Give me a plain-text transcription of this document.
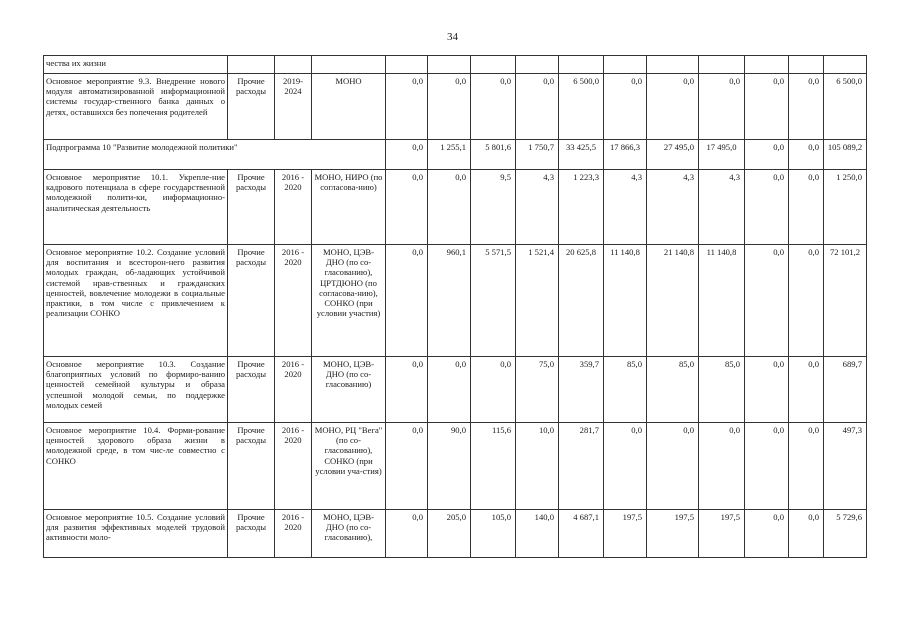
34
чества их жизни														
Основное мероприятие 9.3. Внедрение нового модуля автоматизированной информационной системы государ-ственного банка данных о детях, оставшихся без попечения родителей	Прочие расходы	2019-2024	МОНО	0,0	0,0	0,0	0,0	6 500,0	0,0	0,0	0,0	0,0	0,0	6 500,0
Подпрограмма 10 "Развитие молодежной политики"				0,0	1 255,1	5 801,6	1 750,7	33 425,5	17 866,3	27 495,0	17 495,0	0,0	0,0	105 089,2
Основное мероприятие 10.1. Укрепле-ние кадрового потенциала в сфере государственной молодежной полити-ки, информационно-аналитическая деятельность	Прочие расходы	2016 - 2020	МОНО, НИРО (по согласова-нию)	0,0	0,0	9,5	4,3	1 223,3	4,3	4,3	4,3	0,0	0,0	1 250,0
Основное мероприятие 10.2. Создание условий для воспитания и всесторон-него развития молодых граждан, об-ладающих устойчивой системой нрав-ственных и гражданских ценностей, вовлечение молодежи в социальные практики, в том числе с привлечением к реализации СОНКО	Прочие расходы	2016 - 2020	МОНО, ЦЭВ-ДНО (по со-гласованию), ЦРТДЮНО (по согласова-нию), СОНКО (при условии участия)	0,0	960,1	5 571,5	1 521,4	20 625,8	11 140,8	21 140,8	11 140,8	0,0	0,0	72 101,2
Основное мероприятие 10.3. Создание благоприятных условий по формиро-ванию ценностей семейной культуры и образа успешной молодой семьи, по поддержке молодых семей	Прочие расходы	2016 - 2020	МОНО, ЦЭВ-ДНО (по со-гласованию)	0,0	0,0	0,0	75,0	359,7	85,0	85,0	85,0	0,0	0,0	689,7
Основное мероприятие 10.4. Форми-рование ценностей здорового образа жизни в молодежной среде, в том чис-ле совместно с СОНКО	Прочие расходы	2016 - 2020	МОНО, РЦ "Вега" (по со-гласованию), СОНКО (при условии уча-стия)	0,0	90,0	115,6	10,0	281,7	0,0	0,0	0,0	0,0	0,0	497,3
Основное мероприятие 10.5. Создание условий для развития эффективных моделей трудовой активности моло-	Прочие расходы	2016 - 2020	МОНО, ЦЭВ-ДНО (по со-гласованию),	0,0	205,0	105,0	140,0	4 687,1	197,5	197,5	197,5	0,0	0,0	5 729,6
